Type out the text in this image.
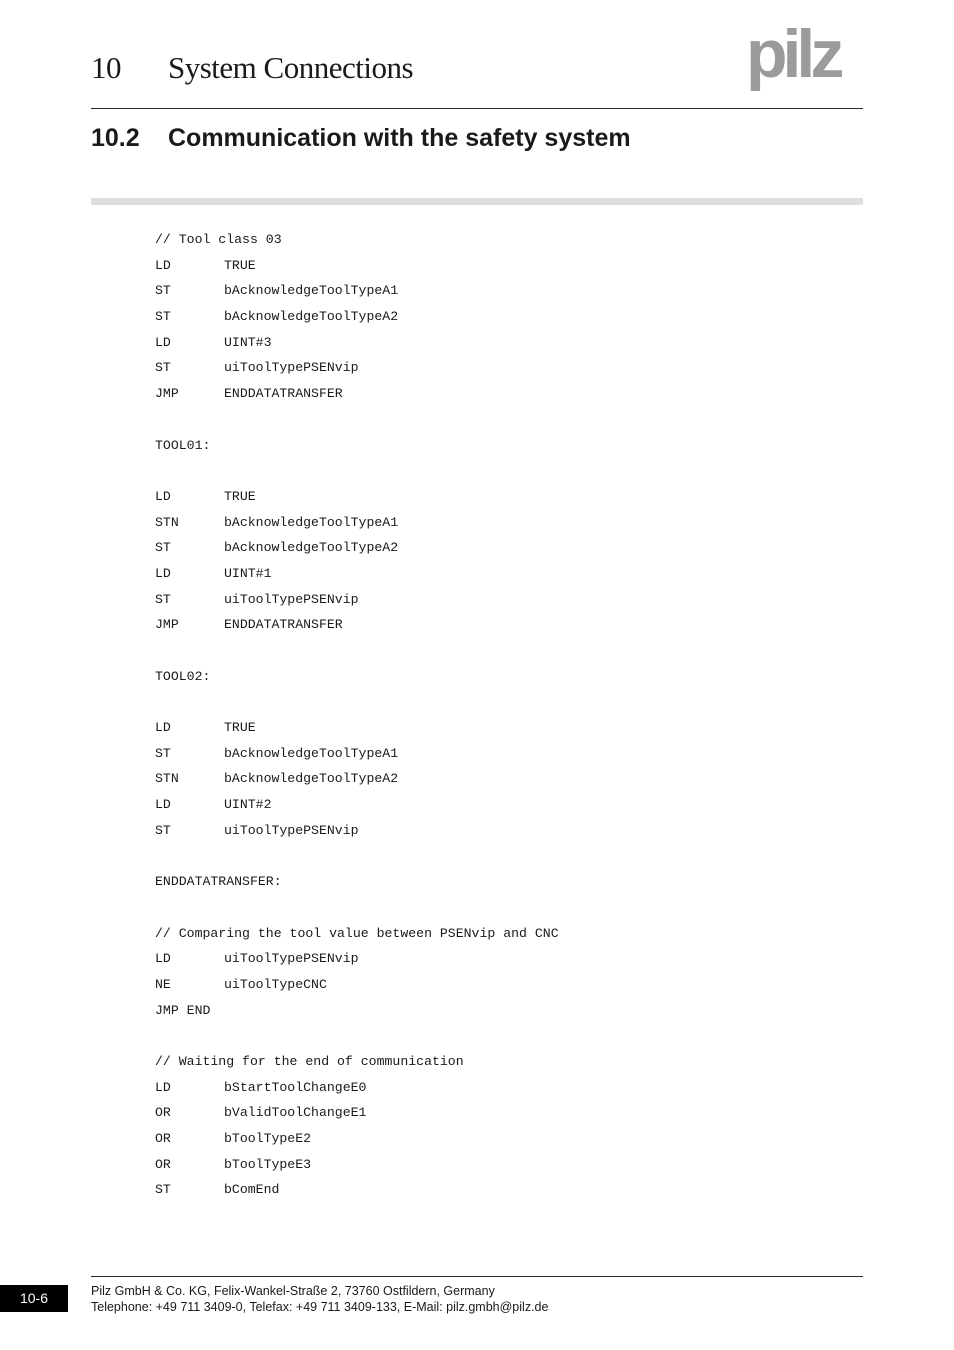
10 System Connections	pilz
10.2 Communication with the safety system
// Tool class 03
LD	TRUE
ST	bAcknowledgeToolTypeA1
ST	bAcknowledgeToolTypeA2
LD	UINT#3
ST	uiToolTypePSENvip
JMP	ENDDATATRANSFER
TOOL01:
LD	TRUE
STN	bAcknowledgeToolTypeA1
ST	bAcknowledgeToolTypeA2
LD	UINT#1
ST	uiToolTypePSENvip
JMP	ENDDATATRANSFER
TOOL02:
LD	TRUE
ST	bAcknowledgeToolTypeA1
STN	bAcknowledgeToolTypeA2
LD	UINT#2
ST	uiToolTypePSENvip
ENDDATATRANSFER:
// Comparing the tool value between PSENvip and CNC
LD	uiToolTypePSENvip
NE	uiToolTypeCNC
JMP END
// Waiting for the end of communication
LD	bStartToolChangeE0
OR	bValidToolChangeE1
OR	bToolTypeE2
OR	bToolTypeE3
ST	bComEnd
10-6	Pilz GmbH & Co. KG, Felix-Wankel-Straße 2, 73760 Ostfildern, Germany
Telephone: +49 711 3409-0, Telefax: +49 711 3409-133, E-Mail: pilz.gmbh@pilz.de
